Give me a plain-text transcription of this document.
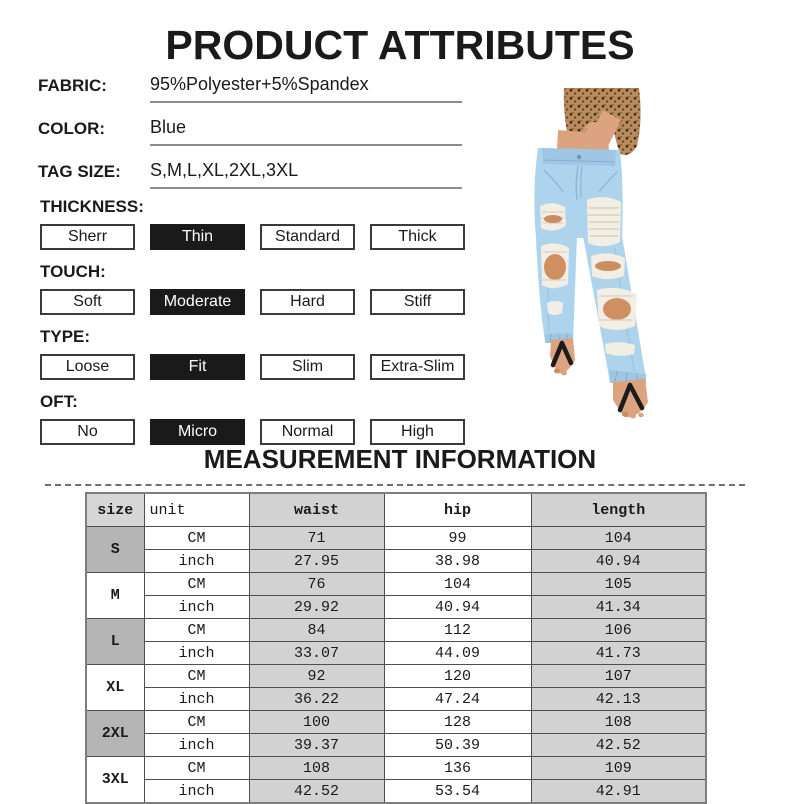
PRODUCT ATTRIBUTES
FABRIC:	95%Polyester+5%Spandex
COLOR:	Blue
TAG SIZE:	S,M,L,XL,2XL,3XL
THICKNESS:
Sherr	Thin	Standard	Thick
TOUCH:
Soft	Moderate	Hard	Stiff
TYPE:
Loose	Fit	Slim	Extra-Slim
OFT:
No	Micro	Normal	High
MEASUREMENT INFORMATION
size	unit	waist	hip	length
S	CM	71	99	104
	inch	27.95	38.98	40.94
M	CM	76	104	105
	inch	29.92	40.94	41.34
L	CM	84	112	106
	inch	33.07	44.09	41.73
XL	CM	92	120	107
	inch	36.22	47.24	42.13
2XL	CM	100	128	108
	inch	39.37	50.39	42.52
3XL	CM	108	136	109
	inch	42.52	53.54	42.91
